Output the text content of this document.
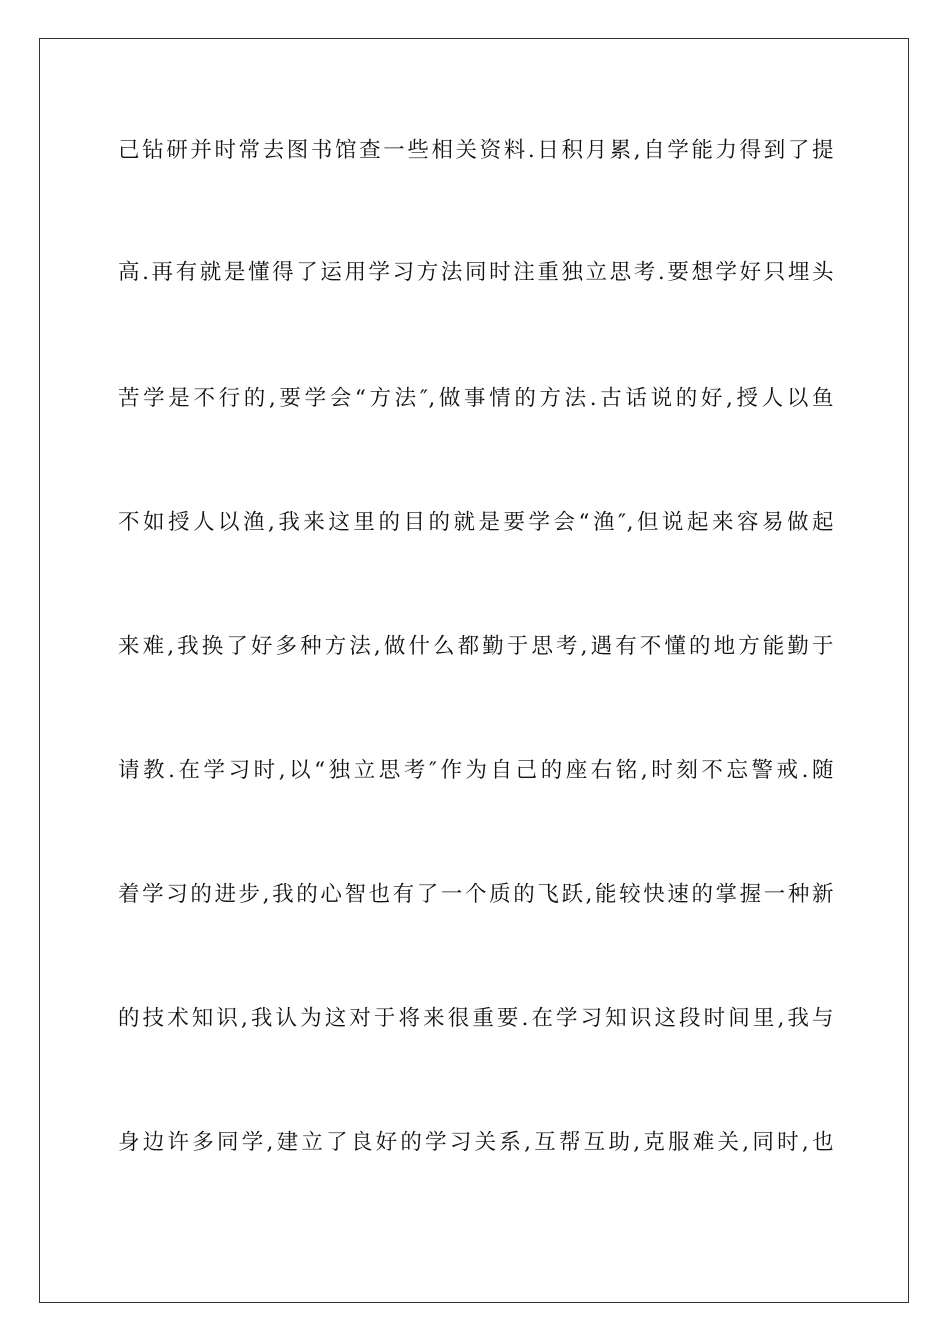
己钻研并时常去图书馆查一些相关资料.日积月累,自学能力得到了提
高.再有就是懂得了运用学习方法同时注重独立思考.要想学好只埋头
苦学是不行的,要学会“方法″,做事情的方法.古话说的好,授人以鱼
不如授人以渔,我来这里的目的就是要学会“渔″,但说起来容易做起
来难,我换了好多种方法,做什么都勤于思考,遇有不懂的地方能勤于
请教.在学习时,以“独立思考″作为自己的座右铭,时刻不忘警戒.随
着学习的进步,我的心智也有了一个质的飞跃,能较快速的掌握一种新
的技术知识,我认为这对于将来很重要.在学习知识这段时间里,我与
身边许多同学,建立了良好的学习关系,互帮互助,克服难关,同时,也
